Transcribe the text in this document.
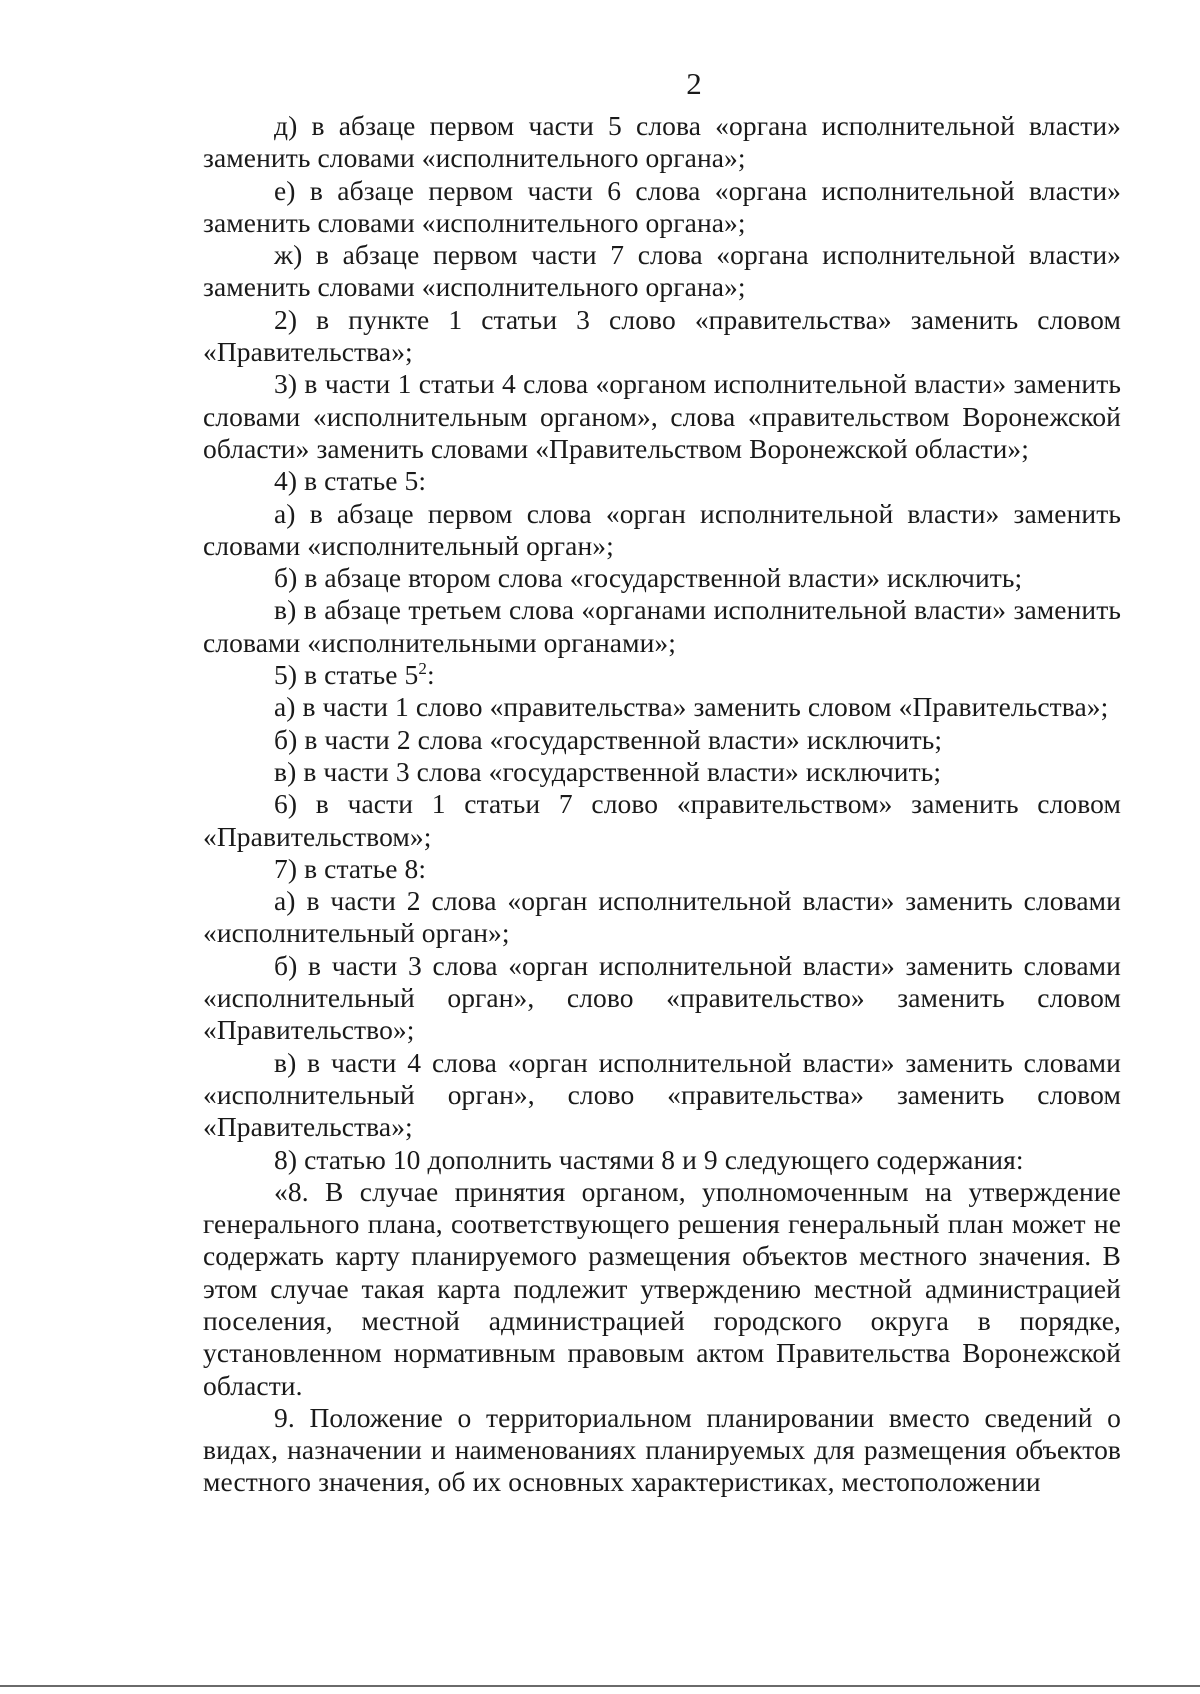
2

д) в абзаце первом части 5 слова «органа исполнительной власти» заменить словами «исполнительного органа»;

е) в абзаце первом части 6 слова «органа исполнительной власти» заменить словами «исполнительного органа»;

ж) в абзаце первом части 7 слова «органа исполнительной власти» заменить словами «исполнительного органа»;

2) в пункте 1 статьи 3 слово «правительства» заменить словом «Правительства»;

3) в части 1 статьи 4 слова «органом исполнительной власти» заменить словами «исполнительным органом», слова «правительством Воронежской области» заменить словами «Правительством Воронежской области»;

4) в статье 5:

а) в абзаце первом слова «орган исполнительной власти» заменить словами «исполнительный орган»;

б) в абзаце втором слова «государственной власти» исключить;

в) в абзаце третьем слова «органами исполнительной власти» заменить словами «исполнительными органами»;

5) в статье $5^2$:

а) в части 1 слово «правительства» заменить словом «Правительства»;

б) в части 2 слова «государственной власти» исключить;

в) в части 3 слова «государственной власти» исключить;

6) в части 1 статьи 7 слово «правительством» заменить словом «Правительством»;

7) в статье 8:

а) в части 2 слова «орган исполнительной власти» заменить словами «исполнительный орган»;

б) в части 3 слова «орган исполнительной власти» заменить словами «исполнительный орган», слово «правительство» заменить словом «Правительство»;

в) в части 4 слова «орган исполнительной власти» заменить словами «исполнительный орган», слово «правительства» заменить словом «Правительства»;

8) статью 10 дополнить частями 8 и 9 следующего содержания:

«8. В случае принятия органом, уполномоченным на утверждение генерального плана, соответствующего решения генеральный план может не содержать карту планируемого размещения объектов местного значения. В этом случае такая карта подлежит утверждению местной администрацией поселения, местной администрацией городского округа в порядке, установленном нормативным правовым актом Правительства Воронежской области.

9. Положение о территориальном планировании вместо сведений о видах, назначении и наименованиях планируемых для размещения объектов местного значения, об их основных характеристиках, местоположении
